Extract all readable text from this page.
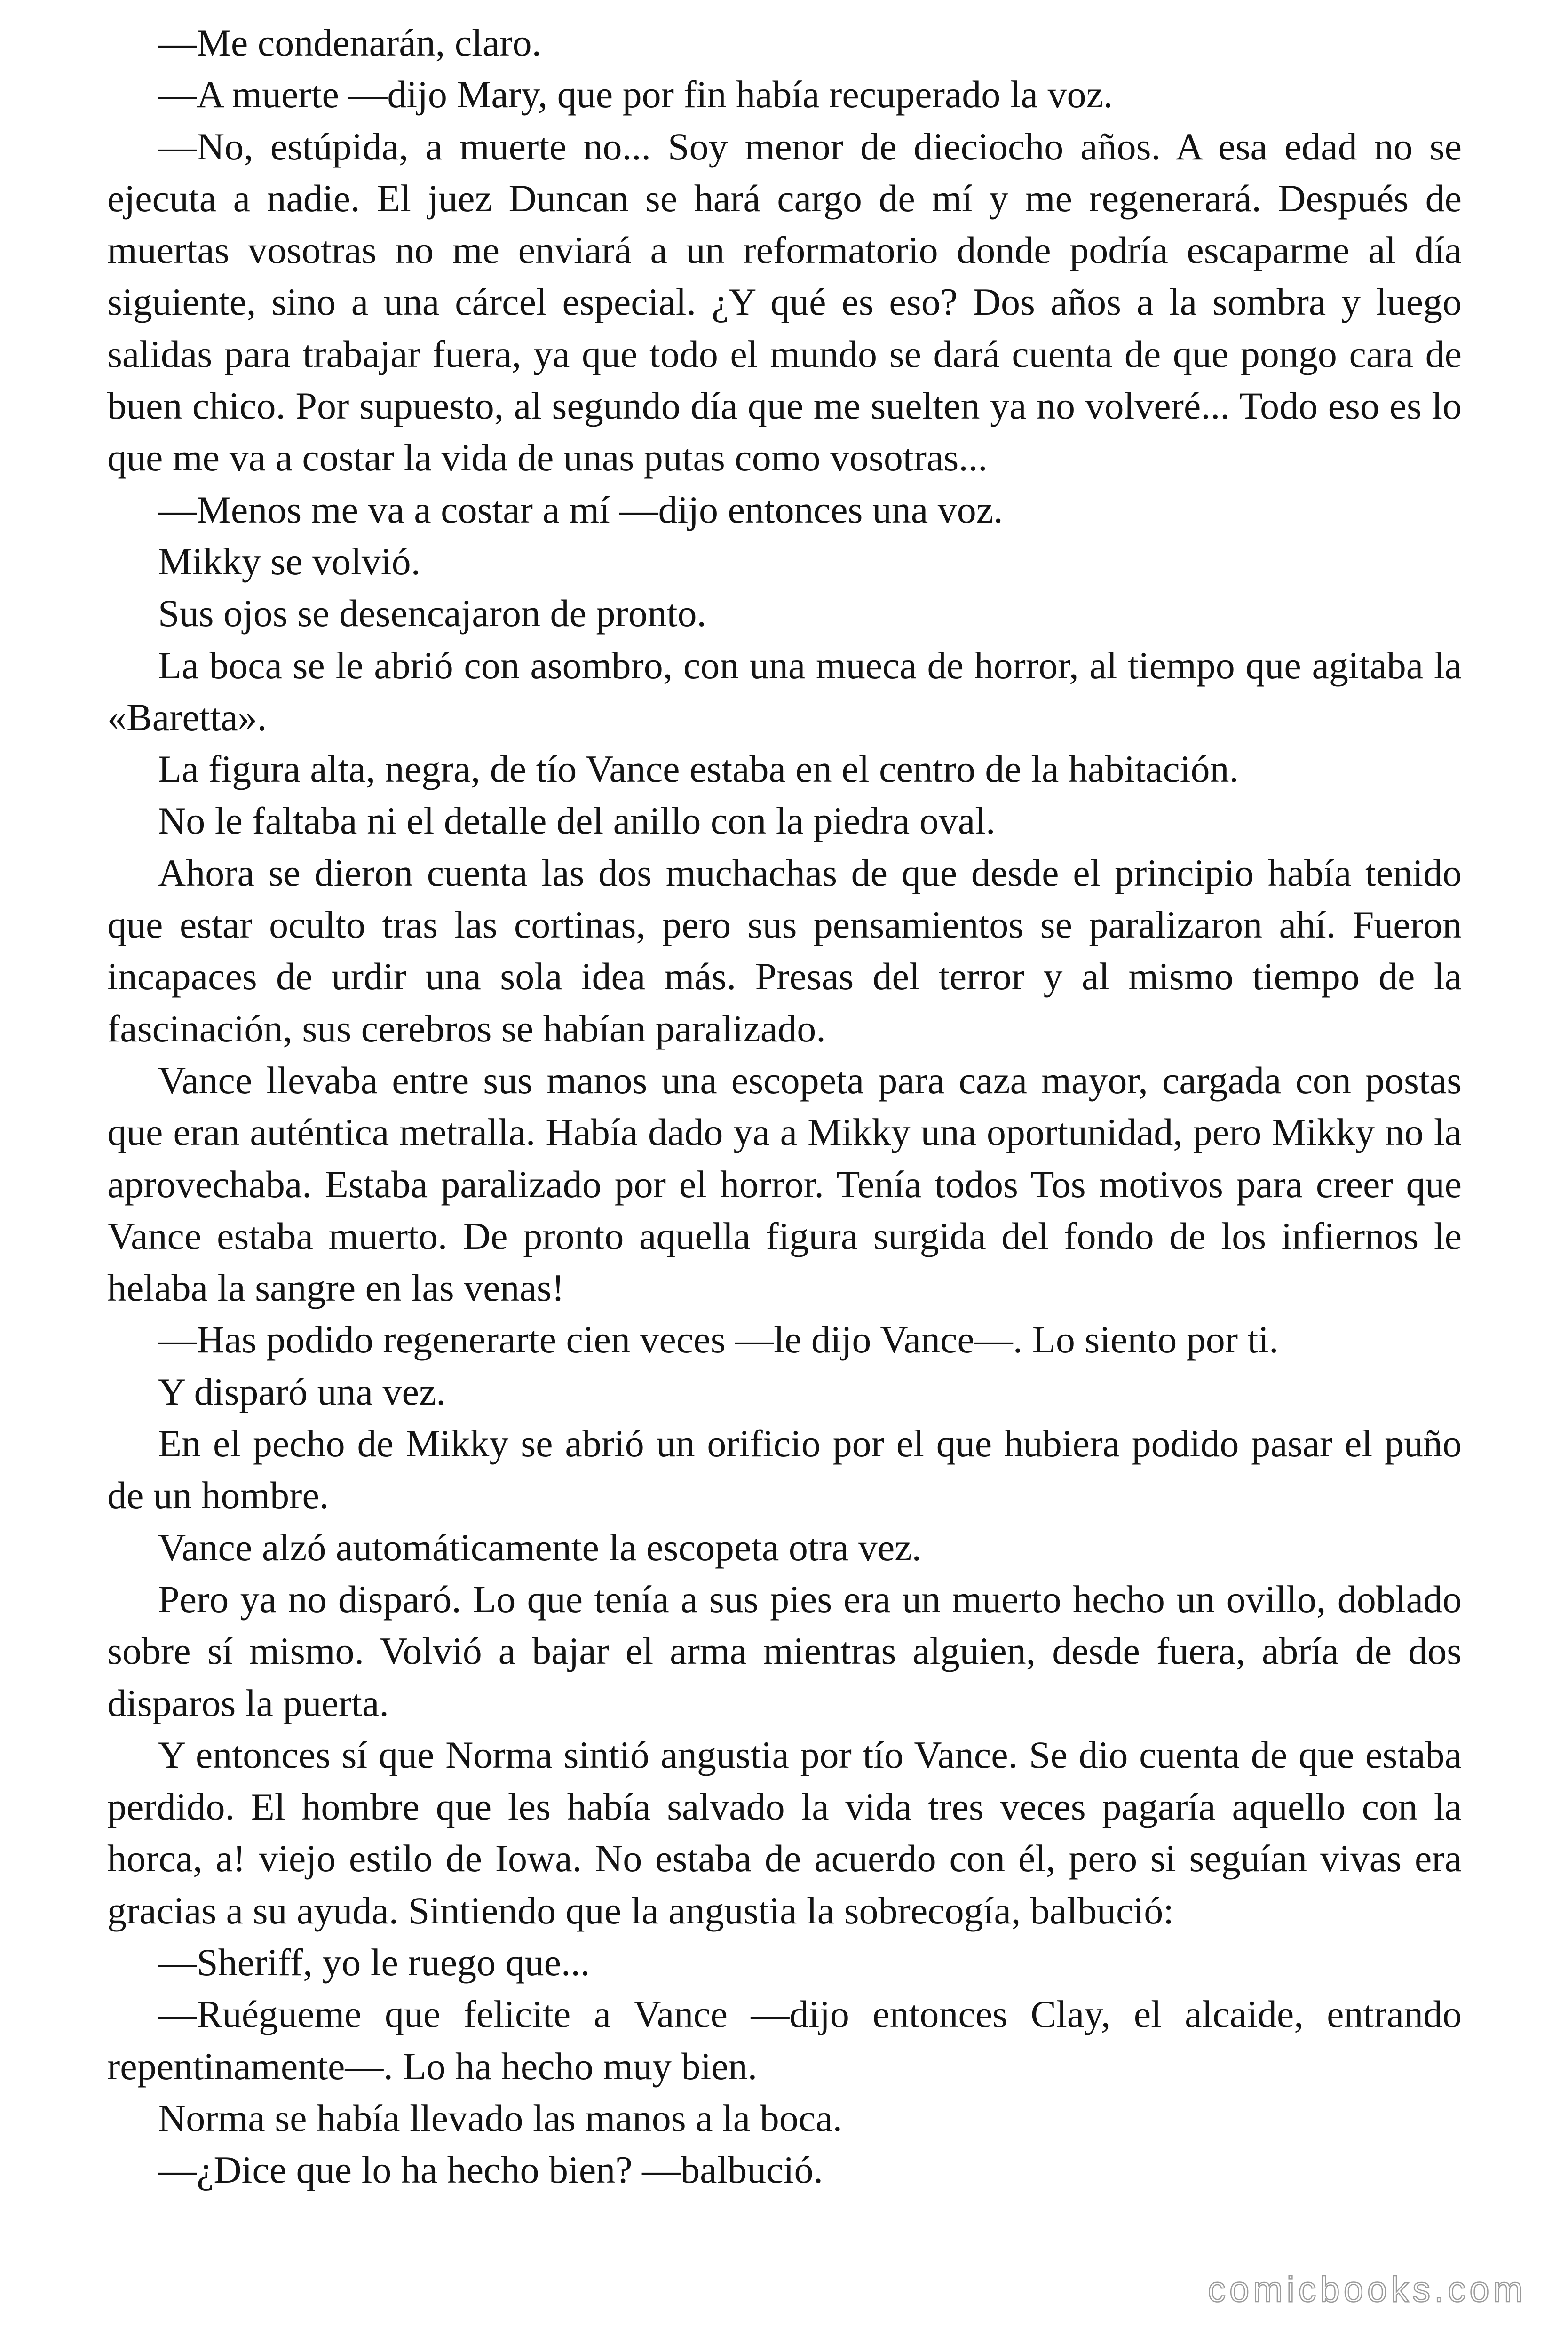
—Me condenarán, claro.

—A muerte —dijo Mary, que por fin había recuperado la voz.

—No, estúpida, a muerte no... Soy menor de dieciocho años. A esa edad no se ejecuta a nadie. El juez Duncan se hará cargo de mí y me regenerará. Después de muertas vosotras no me enviará a un reformatorio donde podría escaparme al día siguiente, sino a una cárcel especial. ¿Y qué es eso? Dos años a la sombra y luego salidas para trabajar fuera, ya que todo el mundo se dará cuenta de que pongo cara de buen chico. Por supuesto, al segundo día que me suelten ya no volveré... Todo eso es lo que me va a costar la vida de unas putas como vosotras...

—Menos me va a costar a mí —dijo entonces una voz.

Mikky se volvió.

Sus ojos se desencajaron de pronto.

La boca se le abrió con asombro, con una mueca de horror, al tiempo que agitaba la «Baretta».

La figura alta, negra, de tío Vance estaba en el centro de la habitación.

No le faltaba ni el detalle del anillo con la piedra oval.

Ahora se dieron cuenta las dos muchachas de que desde el principio había tenido que estar oculto tras las cortinas, pero sus pensamientos se paralizaron ahí. Fueron incapaces de urdir una sola idea más. Presas del terror y al mismo tiempo de la fascinación, sus cerebros se habían paralizado.

Vance llevaba entre sus manos una escopeta para caza mayor, cargada con postas que eran auténtica metralla. Había dado ya a Mikky una oportunidad, pero Mikky no la aprovechaba. Estaba paralizado por el horror. Tenía todos Tos motivos para creer que Vance estaba muerto. De pronto aquella figura surgida del fondo de los infiernos le helaba la sangre en las venas!

—Has podido regenerarte cien veces —le dijo Vance—. Lo siento por ti.

Y disparó una vez.

En el pecho de Mikky se abrió un orificio por el que hubiera podido pasar el puño de un hombre.

Vance alzó automáticamente la escopeta otra vez.

Pero ya no disparó. Lo que tenía a sus pies era un muerto hecho un ovillo, doblado sobre sí mismo. Volvió a bajar el arma mientras alguien, desde fuera, abría de dos disparos la puerta.

Y entonces sí que Norma sintió angustia por tío Vance. Se dio cuenta de que estaba perdido. El hombre que les había salvado la vida tres veces pagaría aquello con la horca, a! viejo estilo de Iowa. No estaba de acuerdo con él, pero si seguían vivas era gracias a su ayuda. Sintiendo que la angustia la sobrecogía, balbució:

—Sheriff, yo le ruego que...

—Ruégueme que felicite a Vance —dijo entonces Clay, el alcaide, entrando repentinamente—. Lo ha hecho muy bien.

Norma se había llevado las manos a la boca.

—¿Dice que lo ha hecho bien? —balbució.

comicbooks.com
